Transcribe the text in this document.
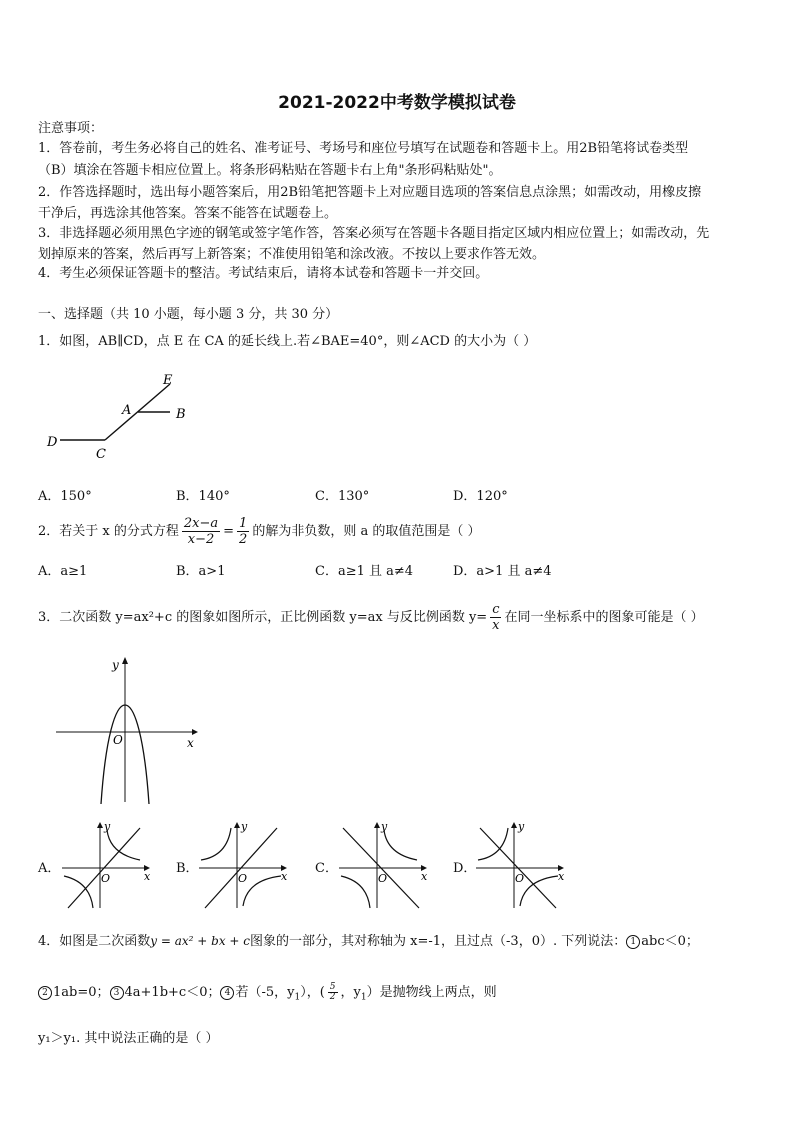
2021-2022中考数学模拟试卷
注意事项：
1．答卷前，考生务必将自己的姓名、准考证号、考场号和座位号填写在试题卷和答题卡上。用2B铅笔将试卷类型
（B）填涂在答题卡相应位置上。将条形码粘贴在答题卡右上角"条形码粘贴处"。
2．作答选择题时，选出每小题答案后，用2B铅笔把答题卡上对应题目选项的答案信息点涂黑；如需改动，用橡皮擦
干净后，再选涂其他答案。答案不能答在试题卷上。
3．非选择题必须用黑色字迹的钢笔或签字笔作答，答案必须写在答题卡各题目指定区域内相应位置上；如需改动，先
划掉原来的答案，然后再写上新答案；不准使用铅笔和涂改液。不按以上要求作答无效。
4．考生必须保证答题卡的整洁。考试结束后，请将本试卷和答题卡一并交回。
一、选择题（共 10 小题，每小题 3 分，共 30 分）
1．如图，AB∥CD，点 E 在 CA 的延长线上.若∠BAE=40°，则∠ACD 的大小为（ ）
E
A	B
D
C
A．150°	B．140°	C．130°	D．120°
2．若关于 x 的分式方程 $\frac{2x-a}{x-2} = \frac{1}{2}$ 的解为非负数，则 a 的取值范围是（ ）
A．a≥1	B．a>1	C．a≥1 且 a≠4	D．a>1 且 a≠4
3．二次函数 y=ax²+c 的图象如图所示，正比例函数 y=ax 与反比例函数 $y= \frac{c}{x}$ 在同一坐标系中的图象可能是（ ）
y
x
O
A．
y
x
O
B．
y
x
O
C．
y
x
O
D．
y
x
O
4．如图是二次函数y = ax² + bx + c图象的一部分，其对称轴为 x=-1，且过点（-3，0）. 下列说法： 1 abc＜0；
2 1ab=0； 3 4a+1b+c＜0； 4 若（-5，$y_1$），( $\frac{5}{2}$ ，$y_1$）是抛物线上两点，则
y₁＞y₁. 其中说法正确的是（ ）
